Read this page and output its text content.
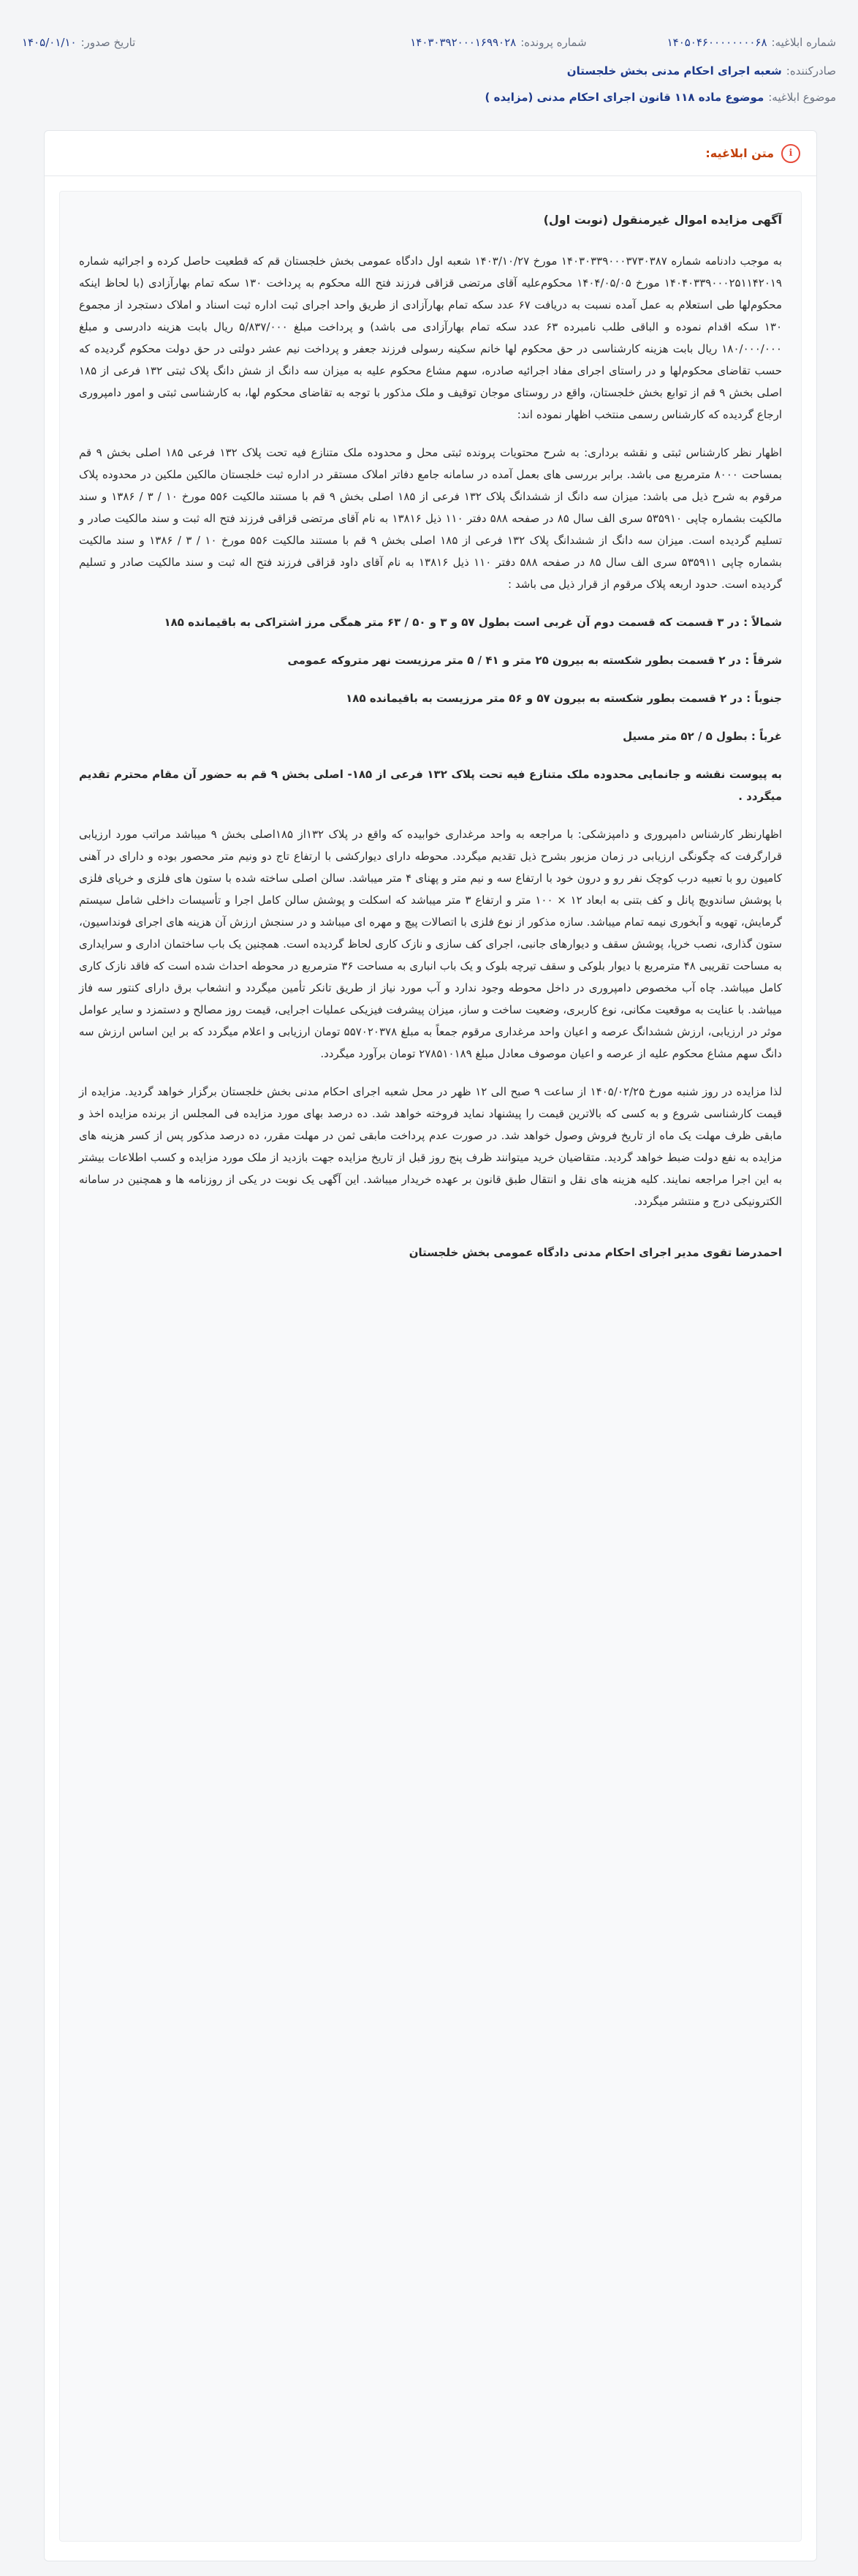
شماره ابلاغیه:
۱۴۰۵۰۴۶۰۰۰۰۰۰۰۰۶۸
شماره پرونده:
۱۴۰۳۰۳۹۲۰۰۰۱۶۹۹۰۲۸
تاریخ صدور:
۱۴۰۵/۰۱/۱۰
صادرکننده:
شعبه اجرای احکام مدنی بخش خلجستان
موضوع ابلاغیه:
موضوع ماده ۱۱۸ قانون اجرای احکام مدنی (مزایده )
ℹ
متن ابلاغیه:
آگهی مزایده اموال غیرمنقول (نوبت اول)
به موجب دادنامه شماره ۱۴۰۳۰۳۳۹۰۰۰۳۷۳۰۳۸۷ مورخ ۱۴۰۳/۱۰/۲۷ شعبه اول دادگاه عمومی بخش خلجستان قم که قطعیت حاصل کرده و اجرائیه شماره ۱۴۰۴۰۳۳۹۰۰۰۲۵۱۱۴۲۰۱۹ مورخ ۱۴۰۴/۰۵/۰۵ محکوم‌علیه آقای مرتضی قزاقی فرزند فتح الله محکوم به پرداخت ۱۳۰ سکه تمام بهارآزادی (با لحاظ اینکه محکوم‌لها طی استعلام به عمل آمده نسبت به دریافت ۶۷ عدد سکه تمام بهارآزادی از طریق واحد اجرای ثبت اداره ثبت اسناد و املاک دستجرد از مجموع ۱۳۰ سکه اقدام نموده و الباقی طلب نامبرده ۶۳ عدد سکه تمام بهارآزادی می باشد) و پرداخت مبلغ ۵/۸۳۷/۰۰۰ ریال بابت هزینه دادرسی و مبلغ ۱۸۰/۰۰۰/۰۰۰ ریال بابت هزینه کارشناسی در حق محکوم لها خانم سکینه رسولی فرزند جعفر و پرداخت نیم عشر دولتی در حق دولت محکوم گردیده که حسب تقاضای محکوم‌لها و در راستای اجرای مفاد اجرائیه صادره، سهم مشاع محکوم علیه به میزان سه دانگ از شش دانگ پلاک ثبتی ۱۳۲ فرعی از ۱۸۵ اصلی بخش ۹ قم از توابع بخش خلجستان، واقع در روستای موجان توقیف و ملک مذکور با توجه به تقاضای محکوم لها، به کارشناسی ثبتی و امور دامپروری ارجاع گردیده که کارشناس رسمی منتخب اظهار نموده اند:
اظهار نظر کارشناس ثبتی و نقشه برداری: به شرح محتویات پرونده ثبتی محل و محدوده ملک متنازع فیه تحت پلاک ۱۳۲ فرعی ۱۸۵ اصلی بخش ۹ قم بمساحت ۸۰۰۰ مترمربع می باشد. برابر بررسی های بعمل آمده در سامانه جامع دفاتر املاک مستقر در اداره ثبت خلجستان مالکین ملکین در محدوده پلاک مرقوم به شرح ذیل می باشد: میزان سه دانگ از ششدانگ پلاک ۱۳۲ فرعی از ۱۸۵ اصلی بخش ۹ قم با مستند مالکیت ۵۵۶ مورخ ۱۰ / ۳ / ۱۳۸۶ و سند مالکیت بشماره چاپی ۵۳۵۹۱۰ سری الف سال ۸۵ در صفحه ۵۸۸ دفتر ۱۱۰ ذیل ۱۳۸۱۶ به نام آقای مرتضی قزاقی فرزند فتح اله ثبت و سند مالکیت صادر و تسلیم گردیده است. میزان سه دانگ از ششدانگ پلاک ۱۳۲ فرعی از ۱۸۵ اصلی بخش ۹ قم با مستند مالکیت ۵۵۶ مورخ ۱۰ / ۳ / ۱۳۸۶ و سند مالکیت بشماره چاپی ۵۳۵۹۱۱ سری الف سال ۸۵ در صفحه ۵۸۸ دفتر ۱۱۰ ذیل ۱۳۸۱۶ به نام آقای داود قزاقی فرزند فتح اله ثبت و سند مالکیت صادر و تسلیم گردیده است. حدود اربعه پلاک مرقوم از قرار ذیل می باشد :
شمالاً : در ۳ قسمت که قسمت دوم آن غربی است بطول ۵۷ و ۳ و ۵۰ / ۶۳ متر همگی مرز اشتراکی به باقیمانده ۱۸۵
شرقاً : در ۲ قسمت بطور شکسته به بیرون ۲۵ متر و ۴۱ / ۵ متر مرزیست نهر متروکه عمومی
جنوباً : در ۲ قسمت بطور شکسته به بیرون ۵۷ و ۵۶ متر مرزیست به باقیمانده ۱۸۵
غرباً : بطول ۵ / ۵۲ متر مسیل
به پیوست نقشه و جانمایی محدوده ملک متنازع فیه تحت پلاک ۱۳۲ فرعی از ۱۸۵- اصلی بخش ۹ قم به حضور آن مقام محترم تقدیم میگردد .
اظهارنظر کارشناس دامپروری و دامپزشکی: با مراجعه به واحد مرغداری خوابیده که واقع در پلاک ۱۳۲از ۱۸۵اصلی بخش ۹ میباشد مراتب مورد ارزیابی قرارگرفت که چگونگی ارزیابی در زمان مزبور بشرح ذیل تقدیم میگردد. محوطه دارای دیوارکشی با ارتفاع تاج دو ونیم متر محصور بوده و دارای در آهنی کامیون رو با تعبیه درب کوچک نفر رو و درون خود با ارتفاع سه و نیم متر و پهنای ۴ متر میباشد. سالن اصلی ساخته شده با ستون های فلزی و خرپای فلزی با پوشش ساندویچ پانل و کف بتنی به ابعاد ۱۲ × ۱۰۰ متر و ارتفاع ۳ متر میباشد که اسکلت و پوشش سالن کامل اجرا و تأسیسات داخلی شامل سیستم گرمایش، تهویه و آبخوری نیمه تمام میباشد. سازه مذکور از نوع فلزی با اتصالات پیچ و مهره ای میباشد و در سنجش ارزش آن هزینه های اجرای فونداسیون، ستون گذاری، نصب خرپا، پوشش سقف و دیوارهای جانبی، اجرای کف سازی و نازک کاری لحاظ گردیده است. همچنین یک باب ساختمان اداری و سرایداری به مساحت تقریبی ۴۸ مترمربع با دیوار بلوکی و سقف تیرچه بلوک و یک باب انباری به مساحت ۳۶ مترمربع در محوطه احداث شده است که فاقد نازک کاری کامل میباشد. چاه آب مخصوص دامپروری در داخل محوطه وجود ندارد و آب مورد نیاز از طریق تانکر تأمین میگردد و انشعاب برق دارای کنتور سه فاز میباشد. با عنایت به موقعیت مکانی، نوع کاربری، وضعیت ساخت و ساز، میزان پیشرفت فیزیکی عملیات اجرایی، قیمت روز مصالح و دستمزد و سایر عوامل موثر در ارزیابی، ارزش ششدانگ عرصه و اعیان واحد مرغداری مرقوم جمعاً به مبلغ ۵۵۷۰۲۰۳۷۸ تومان ارزیابی و اعلام میگردد که بر این اساس ارزش سه دانگ سهم مشاع محکوم علیه از عرصه و اعیان موصوف معادل مبلغ ۲۷۸۵۱۰۱۸۹ تومان برآورد میگردد.
لذا مزایده در روز شنبه مورخ ۱۴۰۵/۰۲/۲۵ از ساعت ۹ صبح الی ۱۲ ظهر در محل شعبه اجرای احکام مدنی بخش خلجستان برگزار خواهد گردید. مزایده از قیمت کارشناسی شروع و به کسی که بالاترین قیمت را پیشنهاد نماید فروخته خواهد شد. ده درصد بهای مورد مزایده فی المجلس از برنده مزایده اخذ و مابقی ظرف مهلت یک ماه از تاریخ فروش وصول خواهد شد. در صورت عدم پرداخت مابقی ثمن در مهلت مقرر، ده درصد مذکور پس از کسر هزینه های مزایده به نفع دولت ضبط خواهد گردید. متقاضیان خرید میتوانند ظرف پنج روز قبل از تاریخ مزایده جهت بازدید از ملک مورد مزایده و کسب اطلاعات بیشتر به این اجرا مراجعه نمایند. کلیه هزینه های نقل و انتقال طبق قانون بر عهده خریدار میباشد. این آگهی یک نوبت در یکی از روزنامه ها و همچنین در سامانه الکترونیکی درج و منتشر میگردد.
احمدرضا تقوی مدیر اجرای احکام مدنی دادگاه عمومی بخش خلجستان
